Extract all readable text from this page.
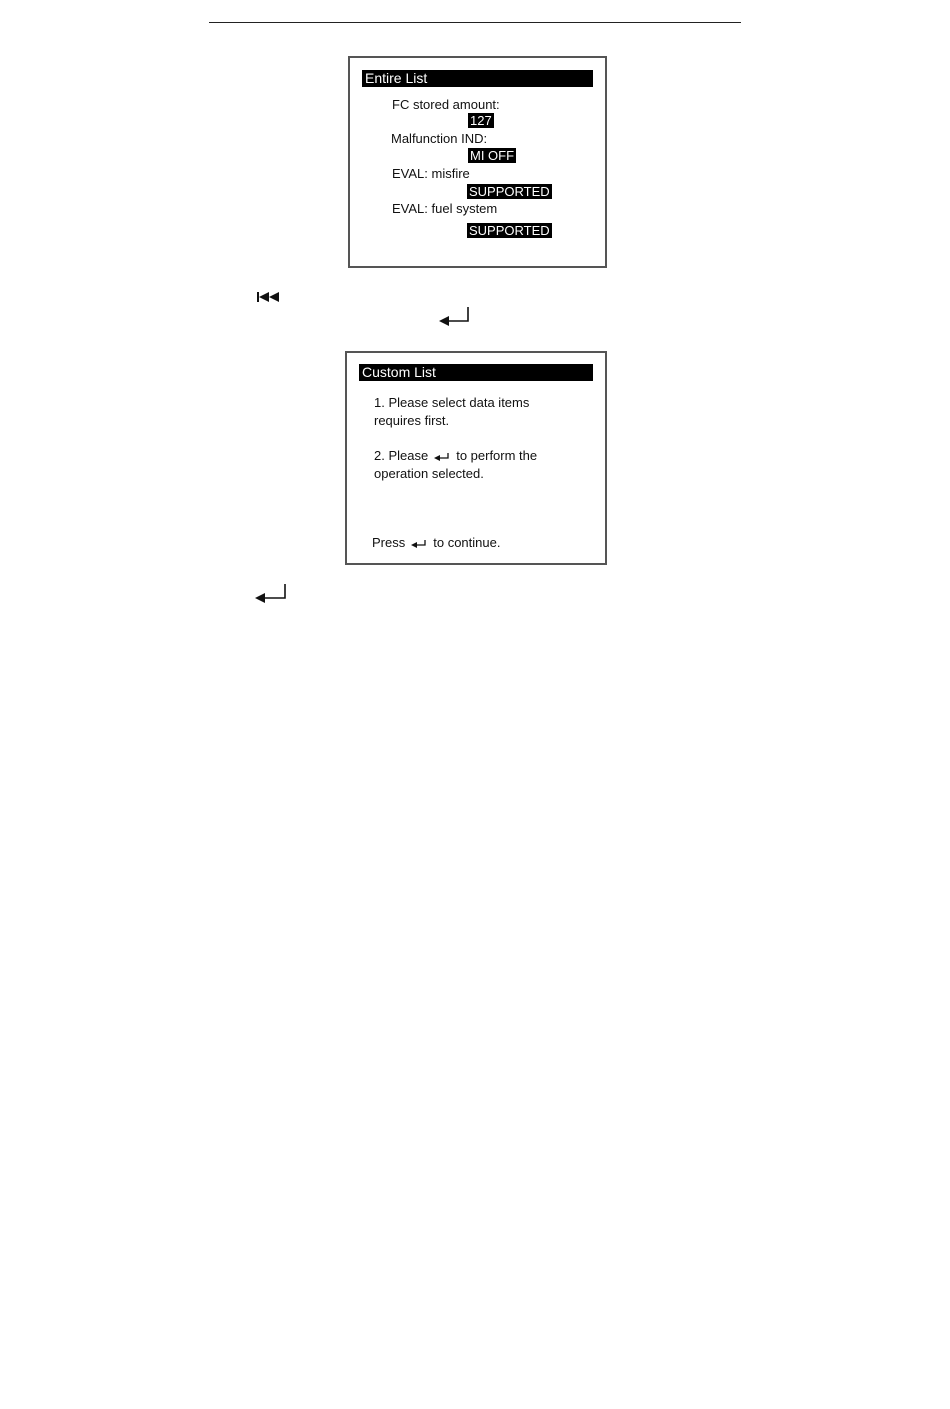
Entire List
FC stored amount:
127
Malfunction IND:
MI OFF
EVAL: misfire
SUPPORTED
EVAL: fuel system
SUPPORTED
Custom List
1. Please select data items
requires first.
2. Please to perform the
operation selected.
Press to continue.
